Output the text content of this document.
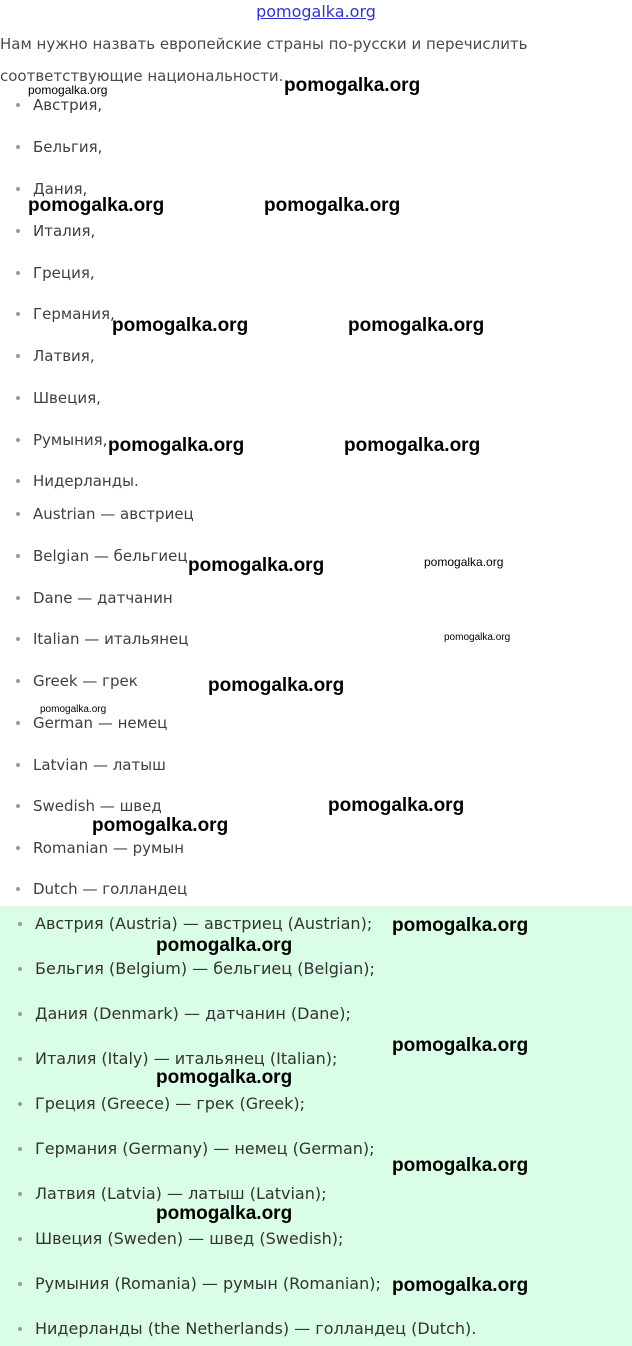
pomogalka.org
Нам нужно назвать европейские страны по-русски и перечислить соответствующие национальности.
Австрия,
Бельгия,
Дания,
Италия,
Греция,
Германия,
Латвия,
Швеция,
Румыния,
Нидерланды.
Austrian — австриец
Belgian — бельгиец
Dane — датчанин
Italian — итальянец
Greek — грек
German — немец
Latvian — латыш
Swedish — швед
Romanian — румын
Dutch — голландец
Австрия (Austria) — австриец (Austrian);
Бельгия (Belgium) — бельгиец (Belgian);
Дания (Denmark) — датчанин (Dane);
Италия (Italy) — итальянец (Italian);
Греция (Greece) — грек (Greek);
Германия (Germany) — немец (German);
Латвия (Latvia) — латыш (Latvian);
Швеция (Sweden) — швед (Swedish);
Румыния (Romania) — румын (Romanian);
Нидерланды (the Netherlands) — голландец (Dutch).
pomogalka.org	pomogalka.org
pomogalka.org	pomogalka.org
pomogalka.org	pomogalka.org
pomogalka.org	pomogalka.org
pomogalka.org	pomogalka.org
pomogalka.org
pomogalka.org
pomogalka.org
pomogalka.org
pomogalka.org
pomogalka.org
pomogalka.org
pomogalka.org
pomogalka.org
pomogalka.org
pomogalka.org
pomogalka.org
